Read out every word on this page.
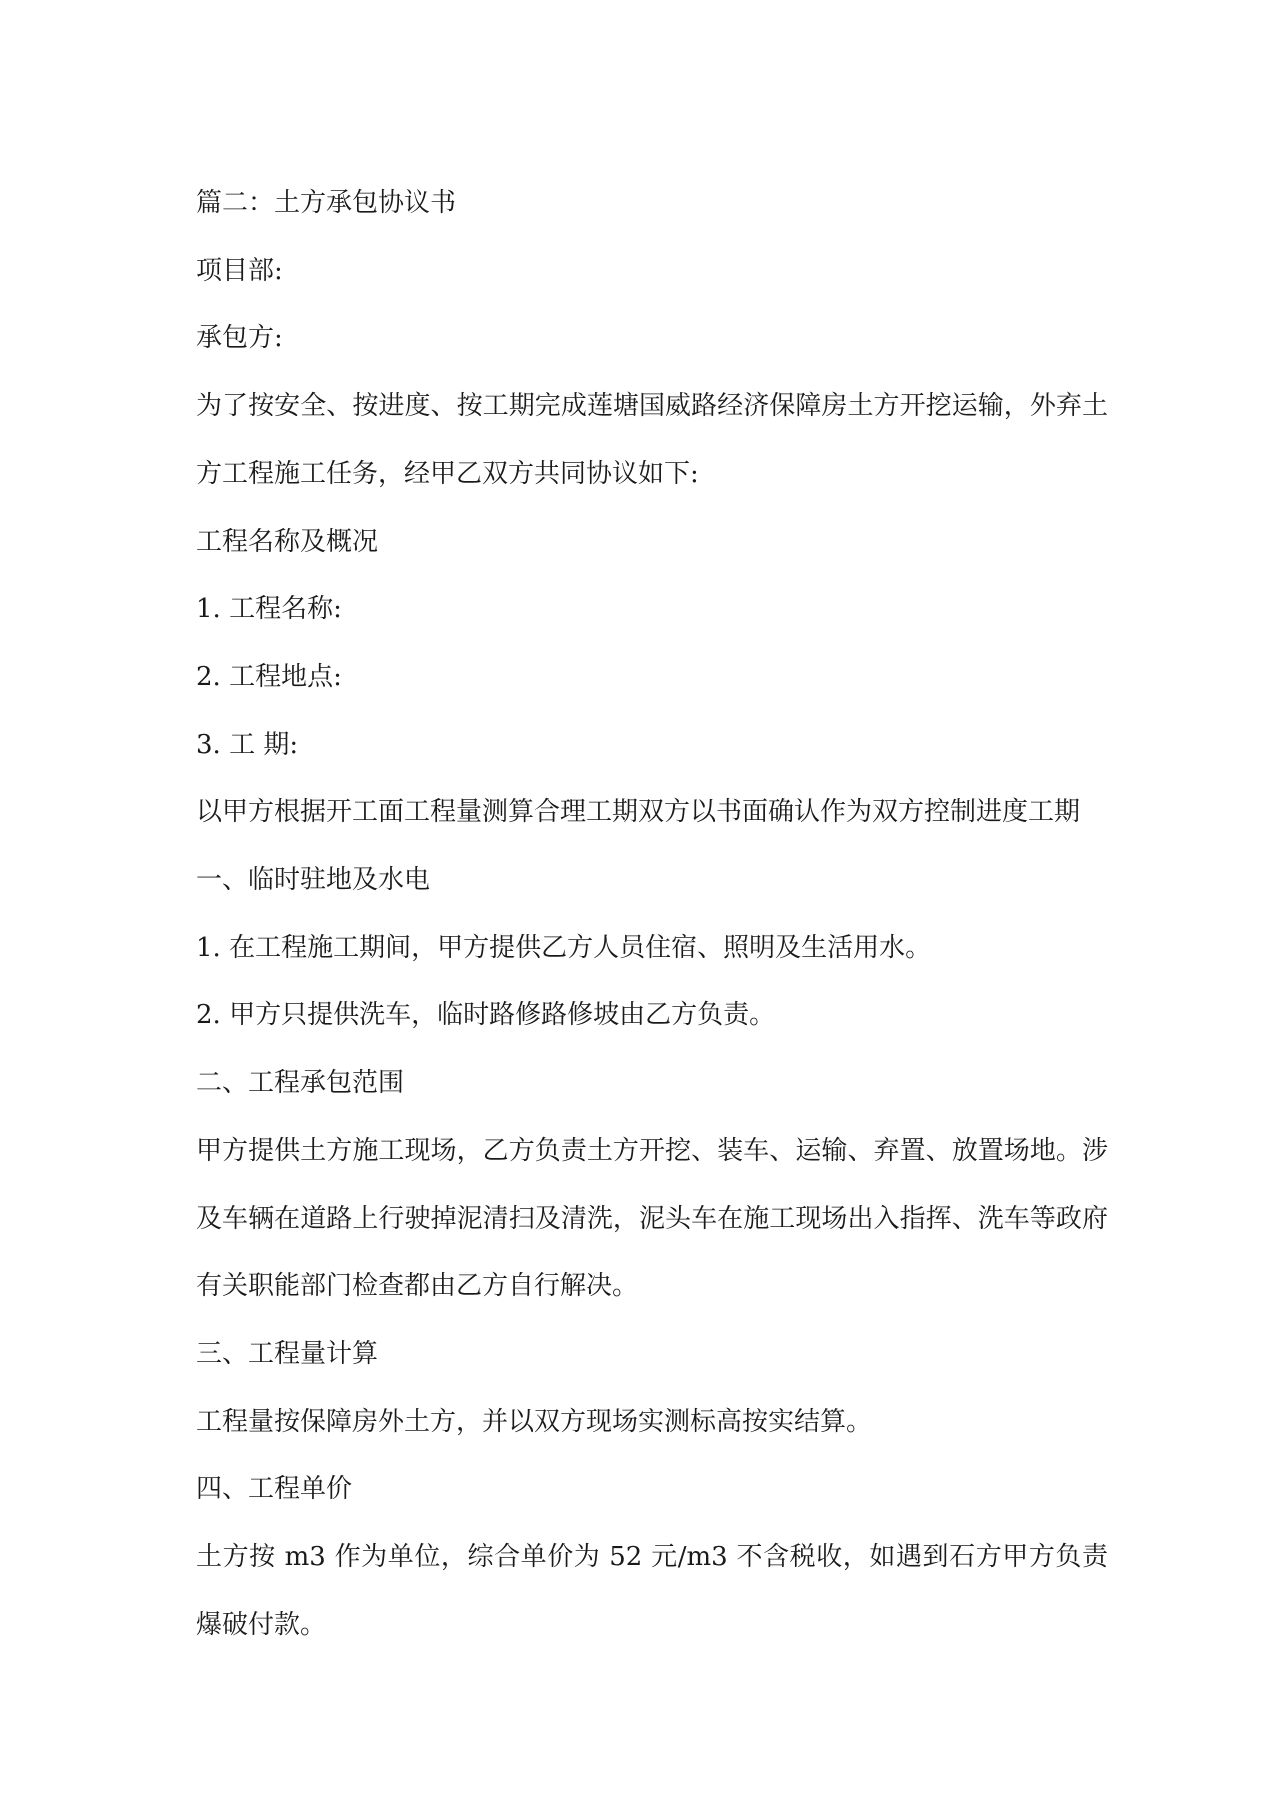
篇二：土方承包协议书

项目部:

承包方:

为了按安全、按进度、按工期完成莲塘国威路经济保障房土方开挖运输，外弃土方工程施工任务，经甲乙双方共同协议如下:

工程名称及概况

1. 工程名称:

2. 工程地点:

3. 工 期:

以甲方根据开工面工程量测算合理工期双方以书面确认作为双方控制进度工期

一、临时驻地及水电

1. 在工程施工期间，甲方提供乙方人员住宿、照明及生活用水。

2. 甲方只提供洗车，临时路修路修坡由乙方负责。

二、工程承包范围

甲方提供土方施工现场，乙方负责土方开挖、装车、运输、弃置、放置场地。涉及车辆在道路上行驶掉泥清扫及清洗，泥头车在施工现场出入指挥、洗车等政府有关职能部门检查都由乙方自行解决。

三、工程量计算

工程量按保障房外土方，并以双方现场实测标高按实结算。

四、工程单价

土方按 m3 作为单位，综合单价为 52 元/m3 不含税收，如遇到石方甲方负责爆破付款。
